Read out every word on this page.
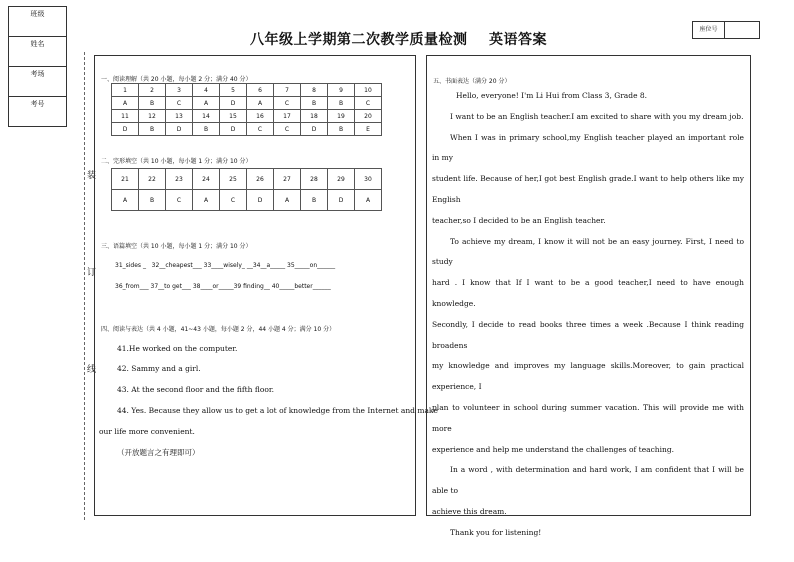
班级
姓名
考场
考号
装
订
线
八年级上学期第二次教学质量检测    英语答案
座位号
一、阅读理解（共 20 小题，每小题 2 分；满分 40 分）
1	2	3	4	5	6	7	8	9	10
A	B	C	A	D	A	C	B	B	C
11	12	13	14	15	16	17	18	19	20
D	B	D	B	D	C	C	D	B	E
二、完形填空（共 10 小题，每小题 1 分；满分 10 分）
21	22	23	24	25	26	27	28	29	30
A	B	C	A	C	D	A	B	D	A
三、语篇填空（共 10 小题，每小题 1 分；满分 10 分）
31_sides _   32__cheapest___ 33____wisely_ __34__a_____ 35_____on______
36_from___ 37__to get___ 38____or_____39 finding__ 40_____better______
四、阅读与表达（共 4 小题，41~43 小题，每小题 2 分，44 小题 4 分；满分 10 分）
41.He worked on the computer.
42. Sammy and a girl.
43. At the second floor and the fifth floor.
44. Yes. Because they allow us to get a lot of knowledge from the Internet and make
our life more convenient.
（开放题言之有理即可）
五、书面表达（满分 20 分）

Hello, everyone! I'm Li Hui from Class 3, Grade 8.

I want to be an English teacher.I am excited to share with you my dream job.

When I was in primary school,my English teacher played an important role in my

student life. Because of her,I got best English grade.I want to help others like my English

teacher,so I decided to be an English teacher.

To achieve my dream, I know it will not be an easy journey. First, I need to study

hard . I know that If I want to be a good teacher,I need to have enough knowledge.

Secondly, I decide to read books three times a week .Because I think reading broadens

my knowledge and improves my language skills.Moreover, to gain practical experience, I

plan to volunteer in school during summer vacation. This will provide me with more

experience and help me understand the challenges of teaching.

In a word , with determination and hard work, I am confident that I will be able to

achieve this dream.

Thank you for listening!
